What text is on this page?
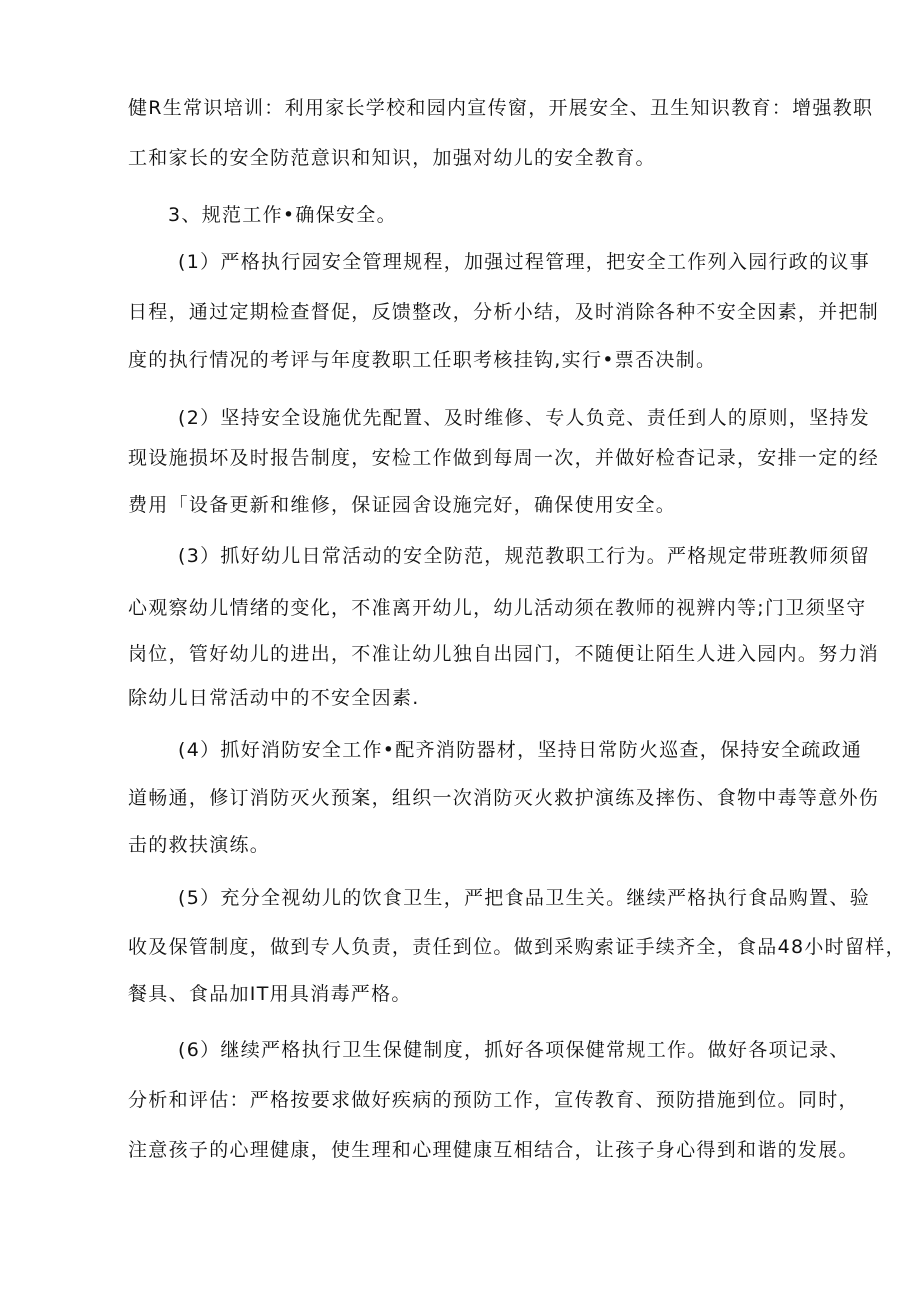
健R生常识培训：利用家长学校和园内宣传窗，开展安全、丑生知识教育：增强教职
工和家长的安全防范意识和知识，加强对幼儿的安全教育。
3、规范工作•确保安全。
(1）严格执行园安全管理规程，加强过程管理，把安全工作列入园行政的议事
日程，通过定期检查督促，反馈整改，分析小结，及时消除各种不安全因素，并把制
度的执行情况的考评与年度教职工任职考核挂钩,实行•票否决制。
(2）坚持安全设施优先配置、及时维修、专人负竞、责任到人的原则，坚持发
现设施损坏及时报告制度，安检工作做到每周一次，并做好检杳记录，安排一定的经
费用「设备更新和维修，保证园舍设施完好，确保使用安全。
(3）抓好幼儿日常活动的安全防范，规范教职工行为。严格规定带班教师须留
心观察幼儿情绪的变化，不准离开幼儿，幼儿活动须在教师的视辨内等;门卫须坚守
岗位，管好幼儿的进出，不准让幼儿独自出园门，不随便让陌生人进入园内。努力消
除幼儿日常活动中的不安全因素.
(4）抓好消防安全工作•配齐消防器材，坚持日常防火巡查，保持安全疏政通
道畅通，修订消防灭火预案，组织一次消防灭火救护演练及摔伤、食物中毒等意外伤
击的救扶演练。
(5）充分全视幼儿的饮食卫生，严把食品卫生关。继续严格执行食品购置、验
收及保管制度，做到专人负责，责任到位。做到采购索证手续齐全，食品48小时留样，
餐具、食品加IT用具消毒严格。
(6）继续严格执行卫生保健制度，抓好各项保健常规工作。做好各项记录、
分析和评估：严格按要求做好疾病的预防工作，宣传教育、预防措施到位。同时，
注意孩子的心理健康，使生理和心理健康互相结合，让孩子身心得到和谐的发展。
